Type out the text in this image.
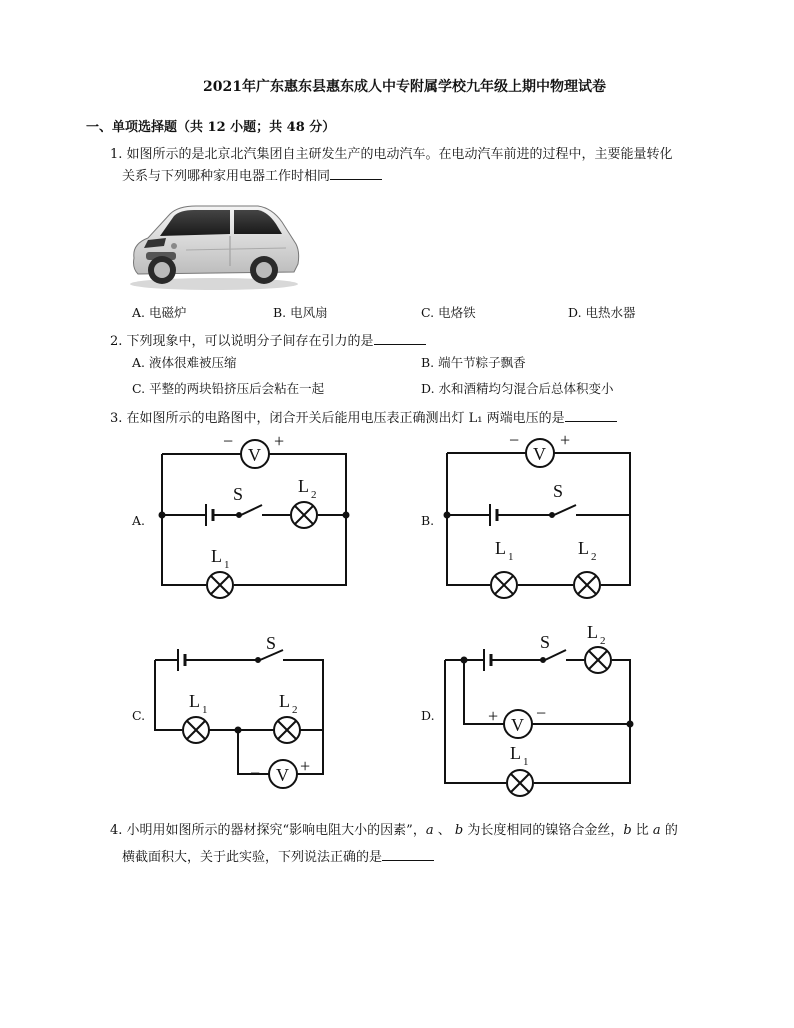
2021年广东惠东县惠东成人中专附属学校九年级上期中物理试卷
一、单项选择题（共 12 小题；共 48 分）
1. 如图所示的是北京北汽集团自主研发生产的电动汽车。在电动汽车前进的过程中，主要能量转化
关系与下列哪种家用电器工作时相同
A. 电磁炉	B. 电风扇	C. 电烙铁	D. 电热水器
2. 下列现象中，可以说明分子间存在引力的是
A. 液体很难被压缩	B. 端午节粽子飘香
C. 平整的两块铅挤压后会粘在一起	D. 水和酒精均匀混合后总体积变小
3. 在如图所示的电路图中，闭合开关后能用电压表正确测出灯 L₁ 两端电压的是
A.	B.
C.	D.
− +
V
S	L 2
L 1
− +
V
S
L 1	L 2
S
L 1	L 2
− +
V
S L 2
+ V
−
L 1
4. 小明用如图所示的器材探究“影响电阻大小的因素”，a 、 b 为长度相同的镍铬合金丝，b 比 a 的
横截面积大，关于此实验，下列说法正确的是
